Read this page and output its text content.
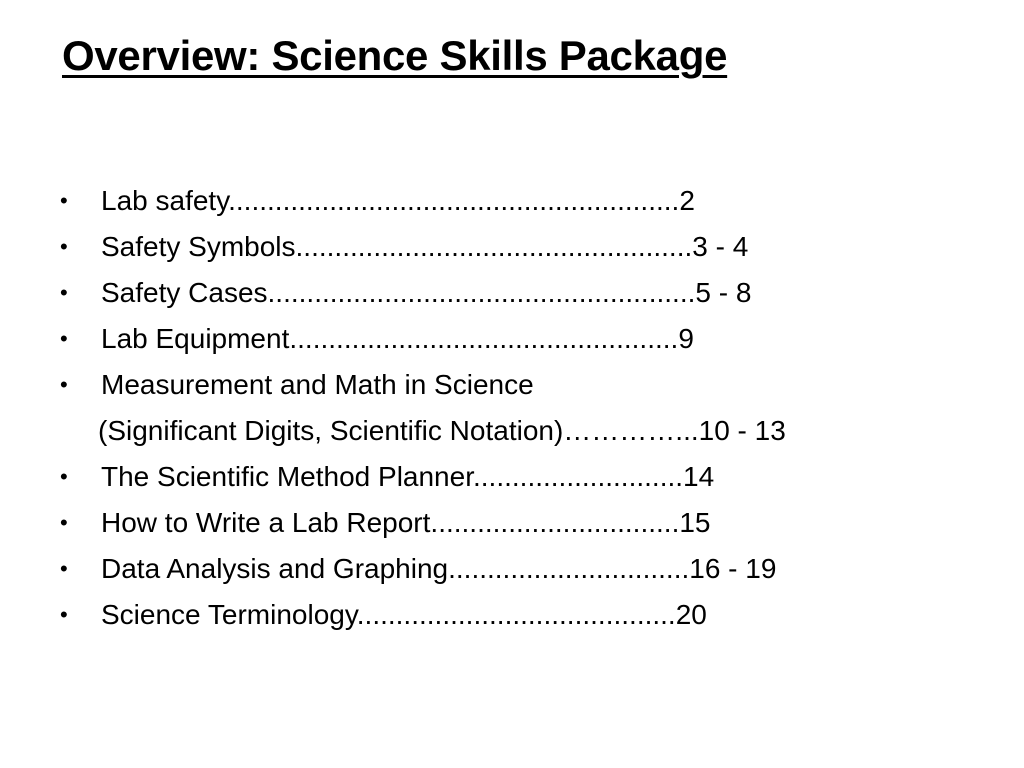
Overview: Science Skills Package
•	Lab safety..........................................................2
•	Safety Symbols...................................................3 - 4
•	Safety Cases.......................................................5 - 8
•	Lab Equipment..................................................9
•	Measurement and Math in Science
(Significant Digits, Scientific Notation)…………...10 - 13
•	The Scientific Method Planner...........................14
•	How to Write a Lab Report................................15
•	Data Analysis and Graphing...............................16 - 19
•	Science Terminology.........................................20
